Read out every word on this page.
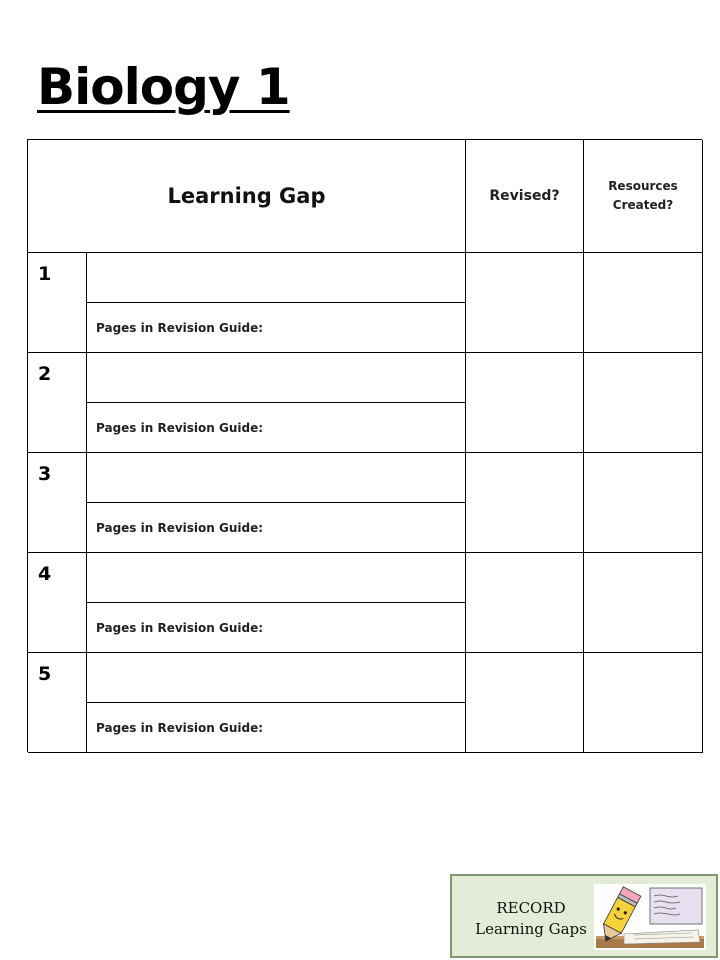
Biology 1
Learning Gap	Revised?
Resources Created?
1
Pages in Revision Guide:
2
Pages in Revision Guide:
3
Pages in Revision Guide:
4
Pages in Revision Guide:
5
Pages in Revision Guide:
RECORD
Learning Gaps
